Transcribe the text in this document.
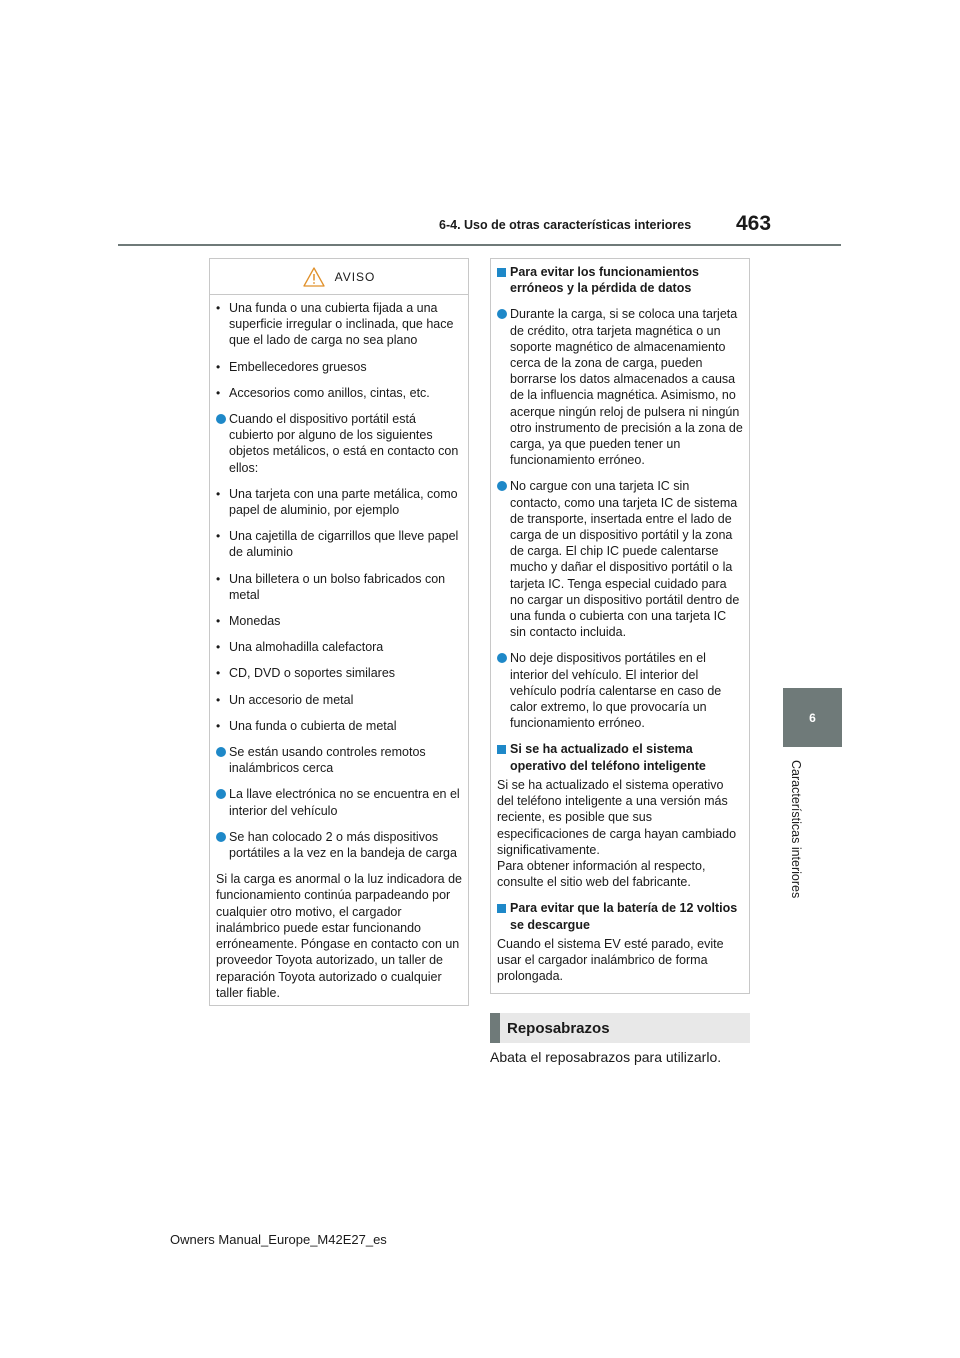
6-4. Uso de otras características interiores 463
6
Características interiores
AVISO
• Una funda o una cubierta fijada a una superficie irregular o inclinada, que hace que el lado de carga no sea plano
• Embellecedores gruesos
• Accesorios como anillos, cintas, etc.
Cuando el dispositivo portátil está cubierto por alguno de los siguientes objetos metálicos, o está en contacto con ellos:
• Una tarjeta con una parte metálica, como papel de aluminio, por ejemplo
• Una cajetilla de cigarrillos que lleve papel de aluminio
• Una billetera o un bolso fabricados con metal
• Monedas
• Una almohadilla calefactora
• CD, DVD o soportes similares
• Un accesorio de metal
• Una funda o cubierta de metal
Se están usando controles remotos inalámbricos cerca
La llave electrónica no se encuentra en el interior del vehículo
Se han colocado 2 o más dispositivos portátiles a la vez en la bandeja de carga
Si la carga es anormal o la luz indicadora de funcionamiento continúa parpadeando por cualquier otro motivo, el cargador inalámbrico puede estar funcionando erróneamente. Póngase en contacto con un proveedor Toyota autorizado, un taller de reparación Toyota autorizado o cualquier taller fiable.
Para evitar los funcionamientos erróneos y la pérdida de datos
Durante la carga, si se coloca una tarjeta de crédito, otra tarjeta magnética o un soporte magnético de almacenamiento cerca de la zona de carga, pueden borrarse los datos almacenados a causa de la influencia magnética. Asimismo, no acerque ningún reloj de pulsera ni ningún otro instrumento de precisión a la zona de carga, ya que pueden tener un funcionamiento erróneo.
No cargue con una tarjeta IC sin contacto, como una tarjeta IC de sistema de transporte, insertada entre el lado de carga de un dispositivo portátil y la zona de carga. El chip IC puede calentarse mucho y dañar el dispositivo portátil o la tarjeta IC. Tenga especial cuidado para no cargar un dispositivo portátil dentro de una funda o cubierta con una tarjeta IC sin contacto incluida.
No deje dispositivos portátiles en el interior del vehículo. El interior del vehículo podría calentarse en caso de calor extremo, lo que provocaría un funcionamiento erróneo.
Si se ha actualizado el sistema operativo del teléfono inteligente
Si se ha actualizado el sistema operativo del teléfono inteligente a una versión más reciente, es posible que sus especificaciones de carga hayan cambiado significativamente.
Para obtener información al respecto, consulte el sitio web del fabricante.
Para evitar que la batería de 12 voltios se descargue
Cuando el sistema EV esté parado, evite usar el cargador inalámbrico de forma prolongada.
Reposabrazos
Abata el reposabrazos para utilizarlo.
Owners Manual_Europe_M42E27_es
